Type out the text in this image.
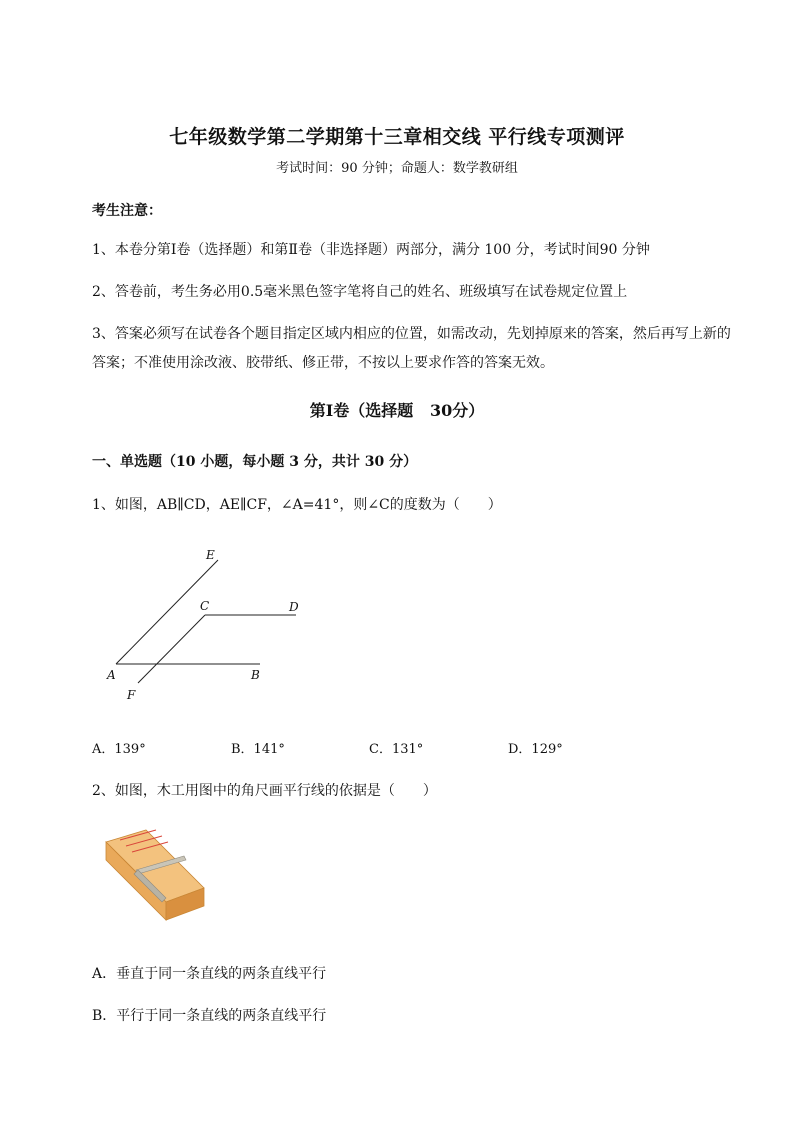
七年级数学第二学期第十三章相交线 平行线专项测评
考试时间：90 分钟；命题人：数学教研组
考生注意：
1、本卷分第Ⅰ卷（选择题）和第Ⅱ卷（非选择题）两部分，满分 100 分，考试时间90 分钟
2、答卷前，考生务必用0.5毫米黑色签字笔将自己的姓名、班级填写在试卷规定位置上
3、答案必须写在试卷各个题目指定区域内相应的位置，如需改动，先划掉原来的答案，然后再写上新的答案；不准使用涂改液、胶带纸、修正带，不按以上要求作答的答案无效。
第Ⅰ卷（选择题   30分）
一、单选题（10 小题，每小题 3 分，共计 30 分）
1、如图，AB∥CD，AE∥CF，∠A=41°，则∠C的度数为（　　）
E
C	D
A	B
F
A．139°	B．141°	C．131°	D．129°
2、如图，木工用图中的角尺画平行线的依据是（　　）
A．垂直于同一条直线的两条直线平行
B．平行于同一条直线的两条直线平行
